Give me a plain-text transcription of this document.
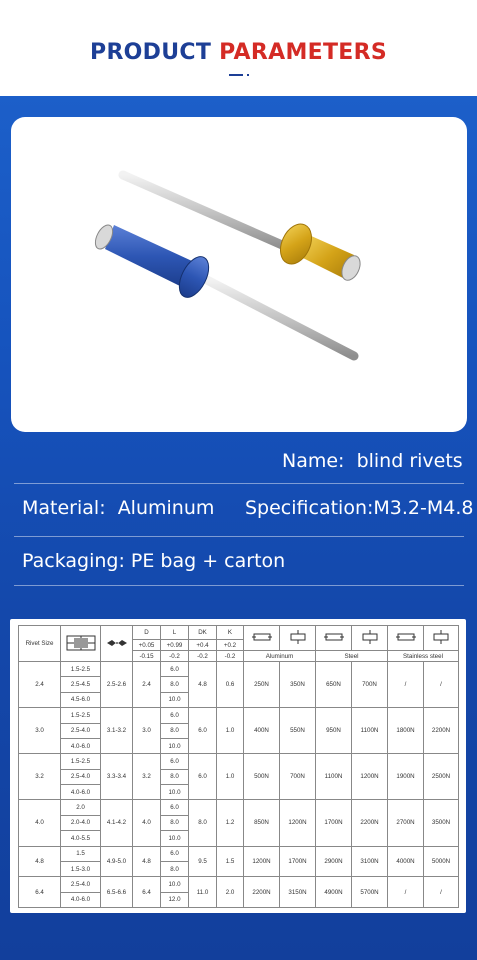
PRODUCT PARAMETERS
Name: blind rivets
Material: Aluminum Specification:M3.2-M4.8
Packaging: PE bag + carton
Rivet Size			D	L	DK	K						
			+0.05	+0.99	+0.4	+0.2						
			-0.15	-0.2	-0.2	-0.2	Aluminum		Steel		Stainless steel	
2.4	1.5-2.5	2.5-2.6	2.4	6.0	4.8	0.6	250N	350N	650N	700N	/	/
	2.5-4.5			8.0								
	4.5-6.0			10.0								
3.0	1.5-2.5	3.1-3.2	3.0	6.0	6.0	1.0	400N	550N	950N	1100N	1800N	2200N
	2.5-4.0			8.0								
	4.0-6.0			10.0								
3.2	1.5-2.5	3.3-3.4	3.2	6.0	6.0	1.0	500N	700N	1100N	1200N	1900N	2500N
	2.5-4.0			8.0								
	4.0-6.0			10.0								
4.0	2.0	4.1-4.2	4.0	6.0	8.0	1.2	850N	1200N	1700N	2200N	2700N	3500N
	2.0-4.0			8.0								
	4.0-5.5			10.0								
4.8	1.5	4.9-5.0	4.8	6.0	9.5	1.5	1200N	1700N	2900N	3100N	4000N	5000N
	1.5-3.0			8.0								
6.4	2.5-4.0	6.5-6.6	6.4	10.0	11.0	2.0	2200N	3150N	4900N	5700N	/	/
	4.0-6.0			12.0								
